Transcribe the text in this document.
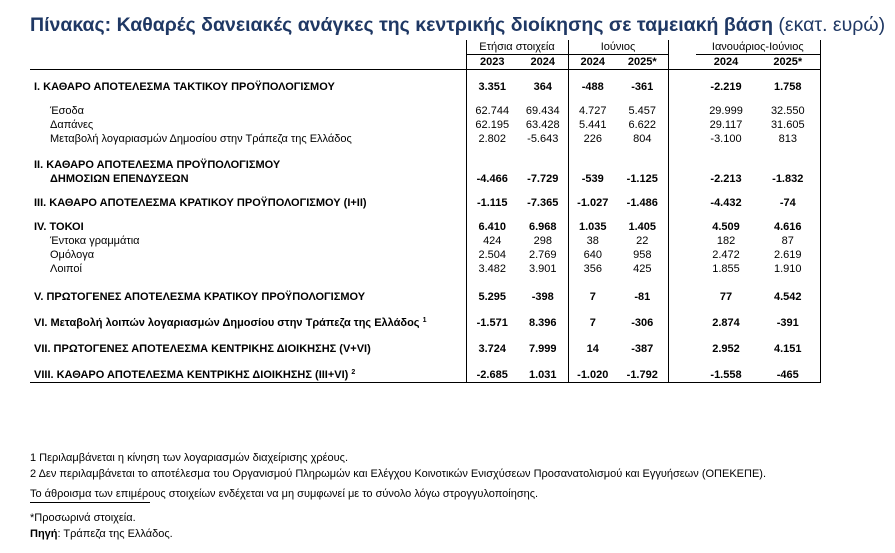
Πίνακας: Καθαρές δανειακές ανάγκες της κεντρικής διοίκησης σε ταμειακή βάση (εκατ. ευρώ)
	Ετήσια στοιχεία		Ιούνιος			Ιανουάριος-Ιούνιος	
	2023	2024	2024	2025*		2024	2025*

I. ΚΑΘΑΡΟ ΑΠΟΤΕΛΕΣΜΑ ΤΑΚΤΙΚΟΥ ΠΡΟΫΠΟΛΟΓΙΣΜΟΥ	3.351	364	-488	-361		-2.219	1.758

Έσοδα	62.744	69.434	4.727	5.457		29.999	32.550
Δαπάνες	62.195	63.428	5.441	6.622		29.117	31.605
Μεταβολή λογαριασμών Δημοσίου στην Τράπεζα της Ελλάδος	2.802	-5.643	226	804		-3.100	813

II. ΚΑΘΑΡΟ ΑΠΟΤΕΛΕΣΜΑ ΠΡΟΫΠΟΛΟΓΙΣΜΟΥ
ΔΗΜΟΣΙΩΝ ΕΠΕΝΔΥΣΕΩΝ	-4.466	-7.729	-539	-1.125		-2.213	-1.832

III. ΚΑΘΑΡΟ ΑΠΟΤΕΛΕΣΜΑ ΚΡΑΤΙΚΟΥ ΠΡΟΫΠΟΛΟΓΙΣΜΟΥ (I+II)	-1.115	-7.365	-1.027	-1.486		-4.432	-74

IV. ΤΟΚΟΙ	6.410	6.968	1.035	1.405		4.509	4.616
Έντοκα γραμμάτια	424	298	38	22		182	87
Ομόλογα	2.504	2.769	640	958		2.472	2.619
Λοιποί	3.482	3.901	356	425		1.855	1.910

V. ΠΡΩΤΟΓΕΝΕΣ ΑΠΟΤΕΛΕΣΜΑ ΚΡΑΤΙΚΟΥ ΠΡΟΫΠΟΛΟΓΙΣΜΟΥ	5.295	-398	7	-81		77	4.542

VI. Μεταβολή λοιπών λογαριασμών Δημοσίου στην Τράπεζα της Ελλάδος $^1$	-1.571	8.396	7	-306		2.874	-391

VII. ΠΡΩΤΟΓΕΝΕΣ ΑΠΟΤΕΛΕΣΜΑ ΚΕΝΤΡΙΚΗΣ ΔΙΟΙΚΗΣΗΣ (V+VI)	3.724	7.999	14	-387		2.952	4.151

VIII. ΚΑΘΑΡΟ ΑΠΟΤΕΛΕΣΜΑ ΚΕΝΤΡΙΚΗΣ ΔΙΟΙΚΗΣΗΣ (III+VI) $^2$	-2.685	1.031	-1.020	-1.792		-1.558	-465

1 Περιλαμβάνεται η κίνηση των λογαριασμών διαχείρισης χρέους.

2 Δεν περιλαμβάνεται το αποτέλεσμα του Οργανισμού Πληρωμών και Ελέγχου Κοινοτικών Ενισχύσεων Προσανατολισμού και Εγγυήσεων (ΟΠΕΚΕΠΕ).

Το άθροισμα των επιμέρους στοιχείων ενδέχεται να μη συμφωνεί με το σύνολο λόγω στρογγυλοποίησης.

*Προσωρινά στοιχεία.

Πηγή: Τράπεζα της Ελλάδος.
